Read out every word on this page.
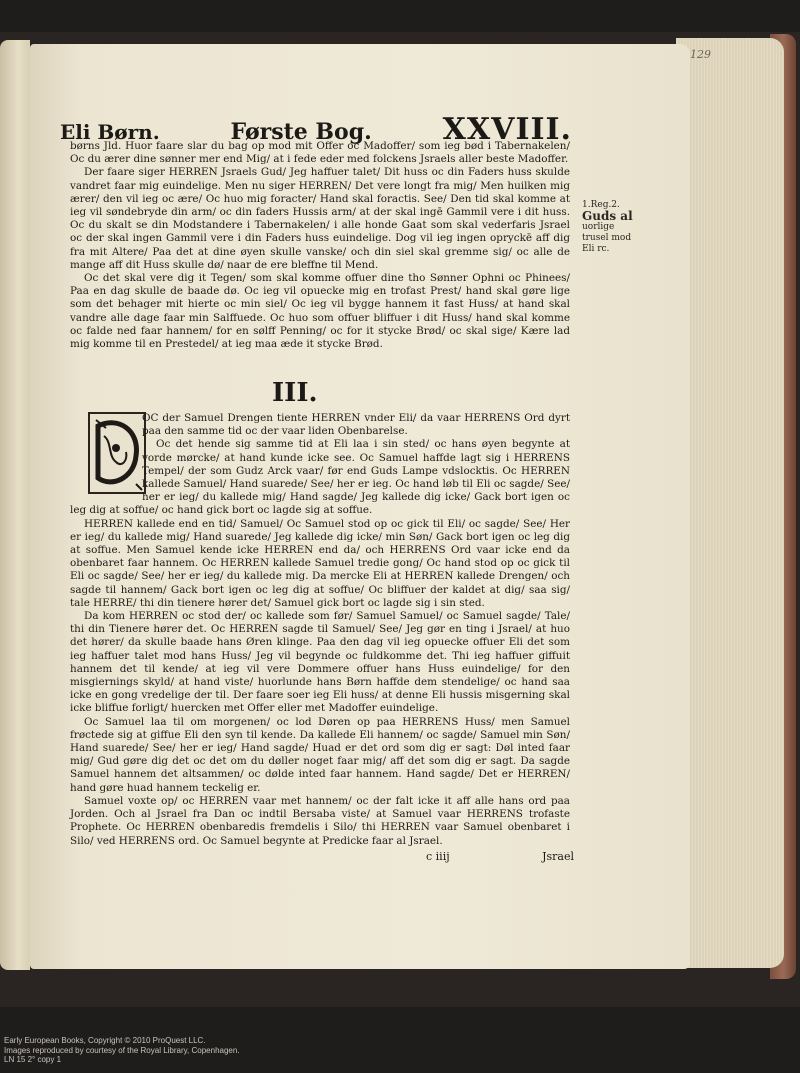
129
Eli Børn.	Første Bog. XXVIII.

børns Jld. Huor faare slar du bag op mod mit Offer oc Madoffer/ som ieg bød i Tabernakelen/ Oc du ærer dine sønner mer end Mig/ at i fede eder med folckens Jsraels aller beste Madoffer.

Der faare siger HERREN Jsraels Gud/ Jeg haffuer talet/ Dit huss oc din Faders huss skulde vandret faar mig euindelige. Men nu siger HERREN/ Det vere longt fra mig/ Men huilken mig ærer/ den vil ieg oc ære/ Oc huo mig foracter/ Hand skal foractis. See/ Den tid skal komme at ieg vil søndebryde din arm/ oc din faders Hussis arm/ at der skal ingē Gammil vere i dit huss. Oc du skalt se din Modstandere i Tabernakelen/ i alle honde Gaat som skal vederfaris Jsrael oc der skal ingen Gammil vere i din Faders huss euindelige. Dog vil ieg ingen opryckē aff dig fra mit Altere/ Paa det at dine øyen skulle vanske/ och din siel skal gremme sig/ oc alle de mange aff dit Huss skulle dø/ naar de ere bleffne til Mend.

Oc det skal vere dig it Tegen/ som skal komme offuer dine tho Sønner Ophni oc Phinees/ Paa en dag skulle de baade dø. Oc ieg vil opuecke mig en trofast Prest/ hand skal gøre lige som det behager mit hierte oc min siel/ Oc ieg vil bygge hannem it fast Huss/ at hand skal vandre alle dage faar min Salffuede. Oc huo som offuer bliffuer i dit Huss/ hand skal komme oc falde ned faar hannem/ for en sølff Penning/ oc for it stycke Brød/ oc skal sige/ Kære lad mig komme til en Prestedel/ at ieg maa æde it stycke Brød.

1.Reg.2.
Guds al
uorlige trusel mod Eli rc.
III.

OC der Samuel Drengen tiente HERREN vnder Eli/ da vaar HERRENS Ord dyrt paa den samme tid oc der vaar liden Obenbarelse.

Oc det hende sig samme tid at Eli laa i sin sted/ oc hans øyen begynte at vorde mørcke/ at hand kunde icke see. Oc Samuel haffde lagt sig i HERRENS Tempel/ der som Gudz Arck vaar/ før end Guds Lampe vdslocktis. Oc HERREN kallede Samuel/ Hand suarede/ See/ her er ieg. Oc hand løb til Eli oc sagde/ See/ her er ieg/ du kallede mig/ Hand sagde/ Jeg kallede dig icke/ Gack bort igen oc leg dig at soffue/ oc hand gick bort oc lagde sig at soffue.

HERREN kallede end en tid/ Samuel/ Oc Samuel stod op oc gick til Eli/ oc sagde/ See/ Her er ieg/ du kallede mig/ Hand suarede/ Jeg kallede dig icke/ min Søn/ Gack bort igen oc leg dig at soffue. Men Samuel kende icke HERREN end da/ och HERRENS Ord vaar icke end da obenbaret faar hannem. Oc HERREN kallede Samuel tredie gong/ Oc hand stod op oc gick til Eli oc sagde/ See/ her er ieg/ du kallede mig. Da mercke Eli at HERREN kallede Drengen/ och sagde til hannem/ Gack bort igen oc leg dig at soffue/ Oc bliffuer der kaldet at dig/ saa sig/ tale HERRE/ thi din tienere hører det/ Samuel gick bort oc lagde sig i sin sted.

Da kom HERREN oc stod der/ oc kallede som før/ Samuel Samuel/ oc Samuel sagde/ Tale/ thi din Tienere hører det. Oc HERREN sagde til Samuel/ See/ Jeg gør en ting i Jsrael/ at huo det hører/ da skulle baade hans Øren klinge. Paa den dag vil ieg opuecke offuer Eli det som ieg haffuer talet mod hans Huss/ Jeg vil begynde oc fuldkomme det. Thi ieg haffuer giffuit hannem det til kende/ at ieg vil vere Dommere offuer hans Huss euindelige/ for den misgiernings skyld/ at hand viste/ huorlunde hans Børn haffde dem stendelige/ oc hand saa icke en gong vredelige der til. Der faare soer ieg Eli huss/ at denne Eli hussis misgerning skal icke bliffue forligt/ huercken met Offer eller met Madoffer euindelige.

Oc Samuel laa til om morgenen/ oc lod Døren op paa HERRENS Huss/ men Samuel frøctede sig at giffue Eli den syn til kende. Da kallede Eli hannem/ oc sagde/ Samuel min Søn/ Hand suarede/ See/ her er ieg/ Hand sagde/ Huad er det ord som dig er sagt: Døl inted faar mig/ Gud gøre dig det oc det om du døller noget faar mig/ aff det som dig er sagt. Da sagde Samuel hannem det altsammen/ oc dølde inted faar hannem. Hand sagde/ Det er HERREN/ hand gøre huad hannem teckelig er.

Samuel voxte op/ oc HERREN vaar met hannem/ oc der falt icke it aff alle hans ord paa Jorden. Och al Jsrael fra Dan oc indtil Bersaba viste/ at Samuel vaar HERRENS trofaste Prophete. Oc HERREN obenbaredis fremdelis i Silo/ thi HERREN vaar Samuel obenbaret i Silo/ ved HERRENS ord. Oc Samuel begynte at Predicke faar al Jsrael.

c iiij	Jsrael
Early European Books, Copyright © 2010 ProQuest LLC.
Images reproduced by courtesy of the Royal Library, Copenhagen.
LN 15 2° copy 1
